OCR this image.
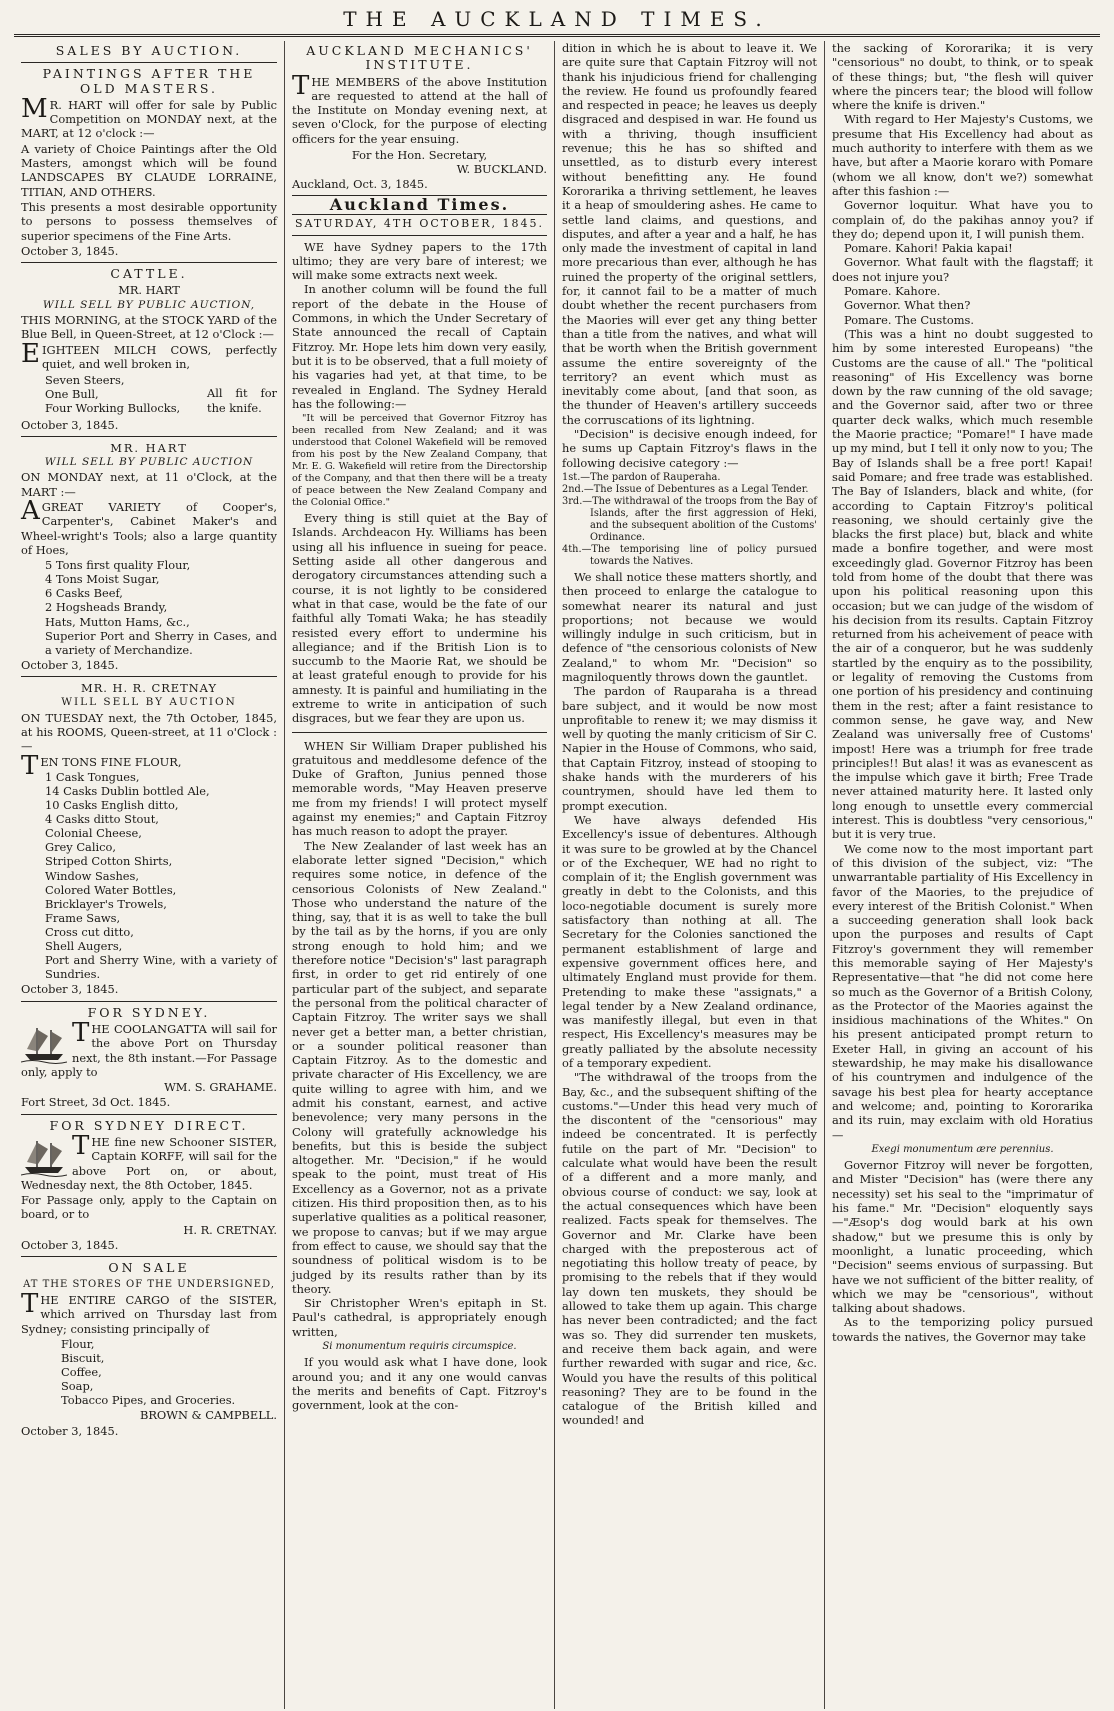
THE AUCKLAND TIMES.
SALES BY AUCTION.
PAINTINGS AFTER THE OLD MASTERS.

MR. HART will offer for sale by Public Competition on MONDAY next, at the MART, at 12 o'clock :—

A variety of Choice Paintings after the Old Masters, amongst which will be found LANDSCAPES BY CLAUDE LORRAINE, TITIAN, AND OTHERS.

This presents a most desirable opportunity to persons to possess themselves of superior specimens of the Fine Arts.

October 3, 1845.

CATTLE.
MR. HART
WILL SELL BY PUBLIC AUCTION,

THIS MORNING, at the STOCK YARD of the Blue Bell, in Queen-Street, at 12 o'Clock :—

EIGHTEEN MILCH COWS, perfectly quiet, and well broken in,

Seven Steers,
One Bull,
Four Working Bullocks,
All fit for the knife.

October 3, 1845.

MR. HART
WILL SELL BY PUBLIC AUCTION

ON MONDAY next, at 11 o'Clock, at the MART :—

AGREAT VARIETY of Cooper's, Carpenter's, Cabinet Maker's and Wheel-wright's Tools; also a large quantity of Hoes,

5 Tons first quality Flour,
4 Tons Moist Sugar,
6 Casks Beef,
2 Hogsheads Brandy,
Hats, Mutton Hams, &c.,
Superior Port and Sherry in Cases, and a variety of Merchandize.

October 3, 1845.

MR. H. R. CRETNAY
WILL SELL BY AUCTION

ON TUESDAY next, the 7th October, 1845, at his ROOMS, Queen-street, at 11 o'Clock :—

TEN TONS FINE FLOUR,

1 Cask Tongues,
14 Casks Dublin bottled Ale,
10 Casks English ditto,
4 Casks ditto Stout,
Colonial Cheese,
Grey Calico,
Striped Cotton Shirts,
Window Sashes,
Colored Water Bottles,
Bricklayer's Trowels,
Frame Saws,
Cross cut ditto,
Shell Augers,
Port and Sherry Wine, with a variety of Sundries.

October 3, 1845.

FOR SYDNEY.

THE COOLANGATTA will sail for the above Port on Thursday next, the 8th instant.—For Passage only, apply to

WM. S. GRAHAME.

Fort Street, 3d Oct. 1845.

FOR SYDNEY DIRECT.

THE fine new Schooner SISTER, Captain KORFF, will sail for the above Port on, or about, Wednesday next, the 8th October, 1845.

For Passage only, apply to the Captain on board, or to

H. R. CRETNAY.

October 3, 1845.

ON SALE
AT THE STORES OF THE UNDERSIGNED,

THE ENTIRE CARGO of the SISTER, which arrived on Thursday last from Sydney; consisting principally of

Flour,
Biscuit,
Coffee,
Soap,
Tobacco Pipes, and Groceries.

BROWN & CAMPBELL.

October 3, 1845.

AUCKLAND MECHANICS' INSTITUTE.

THE MEMBERS of the above Institution are requested to attend at the hall of the Institute on Monday evening next, at seven o'Clock, for the purpose of electing officers for the year ensuing.

For the Hon. Secretary,
W. BUCKLAND.
Auckland, Oct. 3, 1845.
Auckland Times.
SATURDAY, 4TH OCTOBER, 1845.

WE have Sydney papers to the 17th ultimo; they are very bare of interest; we will make some extracts next week.

In another column will be found the full report of the debate in the House of Commons, in which the Under Secretary of State announced the recall of Captain Fitzroy. Mr. Hope lets him down very easily, but it is to be observed, that a full moiety of his vagaries had yet, at that time, to be revealed in England. The Sydney Herald has the following:—

"It will be perceived that Governor Fitzroy has been recalled from New Zealand; and it was understood that Colonel Wakefield will be removed from his post by the New Zealand Company, that Mr. E. G. Wakefield will retire from the Directorship of the Company, and that then there will be a treaty of peace between the New Zealand Company and the Colonial Office."

Every thing is still quiet at the Bay of Islands. Archdeacon Hy. Williams has been using all his influence in sueing for peace. Setting aside all other dangerous and derogatory circumstances attending such a course, it is not lightly to be considered what in that case, would be the fate of our faithful ally Tomati Waka; he has steadily resisted every effort to undermine his allegiance; and if the British Lion is to succumb to the Maorie Rat, we should be at least grateful enough to provide for his amnesty. It is painful and humiliating in the extreme to write in anticipation of such disgraces, but we fear they are upon us.

WHEN Sir William Draper published his gratuitous and meddlesome defence of the Duke of Grafton, Junius penned those memorable words, "May Heaven preserve me from my friends! I will protect myself against my enemies;" and Captain Fitzroy has much reason to adopt the prayer.

The New Zealander of last week has an elaborate letter signed "Decision," which requires some notice, in defence of the censorious Colonists of New Zealand." Those who understand the nature of the thing, say, that it is as well to take the bull by the tail as by the horns, if you are only strong enough to hold him; and we therefore notice "Decision's" last paragraph first, in order to get rid entirely of one particular part of the subject, and separate the personal from the political character of Captain Fitzroy. The writer says we shall never get a better man, a better christian, or a sounder political reasoner than Captain Fitzroy. As to the domestic and private character of His Excellency, we are quite willing to agree with him, and we admit his constant, earnest, and active benevolence; very many persons in the Colony will gratefully acknowledge his benefits, but this is beside the subject altogether. Mr. "Decision," if he would speak to the point, must treat of His Excellency as a Governor, not as a private citizen. His third proposition then, as to his superlative qualities as a political reasoner, we propose to canvas; but if we may argue from effect to cause, we should say that the soundness of political wisdom is to be judged by its results rather than by its theory.

Sir Christopher Wren's epitaph in St. Paul's cathedral, is appropriately enough written,

Si monumentum requiris circumspice.

If you would ask what I have done, look around you; and it any one would canvas the merits and benefits of Capt. Fitzroy's government, look at the con-

dition in which he is about to leave it. We are quite sure that Captain Fitzroy will not thank his injudicious friend for challenging the review. He found us profoundly feared and respected in peace; he leaves us deeply disgraced and despised in war. He found us with a thriving, though insufficient revenue; this he has so shifted and unsettled, as to disturb every interest without benefitting any. He found Kororarika a thriving settlement, he leaves it a heap of smouldering ashes. He came to settle land claims, and questions, and disputes, and after a year and a half, he has only made the investment of capital in land more precarious than ever, although he has ruined the property of the original settlers, for, it cannot fail to be a matter of much doubt whether the recent purchasers from the Maories will ever get any thing better than a title from the natives, and what will that be worth when the British government assume the entire sovereignty of the territory? an event which must as inevitably come about, [and that soon, as the thunder of Heaven's artillery succeeds the corruscations of its lightning.

"Decision" is decisive enough indeed, for he sums up Captain Fitzroy's flaws in the following decisive category :—

1st.—The pardon of Rauperaha.
2nd.—The Issue of Debentures as a Legal Tender.
3rd.—The withdrawal of the troops from the Bay of Islands, after the first aggression of Heki, and the subsequent abolition of the Customs' Ordinance.
4th.—The temporising line of policy pursued towards the Natives.

We shall notice these matters shortly, and then proceed to enlarge the catalogue to somewhat nearer its natural and just proportions; not because we would willingly indulge in such criticism, but in defence of "the censorious colonists of New Zealand," to whom Mr. "Decision" so magniloquently throws down the gauntlet.

The pardon of Rauparaha is a thread bare subject, and it would be now most unprofitable to renew it; we may dismiss it well by quoting the manly criticism of Sir C. Napier in the House of Commons, who said, that Captain Fitzroy, instead of stooping to shake hands with the murderers of his countrymen, should have led them to prompt execution.

We have always defended His Excellency's issue of debentures. Although it was sure to be growled at by the Chancel or of the Exchequer, WE had no right to complain of it; the English government was greatly in debt to the Colonists, and this loco-negotiable document is surely more satisfactory than nothing at all. The Secretary for the Colonies sanctioned the permanent establishment of large and expensive government offices here, and ultimately England must provide for them. Pretending to make these "assignats," a legal tender by a New Zealand ordinance, was manifestly illegal, but even in that respect, His Excellency's measures may be greatly palliated by the absolute necessity of a temporary expedient.

"The withdrawal of the troops from the Bay, &c., and the subsequent shifting of the customs."—Under this head very much of the discontent of the "censorious" may indeed be concentrated. It is perfectly futile on the part of Mr. "Decision" to calculate what would have been the result of a different and a more manly, and obvious course of conduct: we say, look at the actual consequences which have been realized. Facts speak for themselves. The Governor and Mr. Clarke have been charged with the preposterous act of negotiating this hollow treaty of peace, by promising to the rebels that if they would lay down ten muskets, they should be allowed to take them up again. This charge has never been contradicted; and the fact was so. They did surrender ten muskets, and receive them back again, and were further rewarded with sugar and rice, &c. Would you have the results of this political reasoning? They are to be found in the catalogue of the British killed and wounded! and

the sacking of Kororarika; it is very "censorious" no doubt, to think, or to speak of these things; but, "the flesh will quiver where the pincers tear; the blood will follow where the knife is driven."

With regard to Her Majesty's Customs, we presume that His Excellency had about as much authority to interfere with them as we have, but after a Maorie koraro with Pomare (whom we all know, don't we?) somewhat after this fashion :—

Governor loquitur. What have you to complain of, do the pakihas annoy you? if they do; depend upon it, I will punish them.

Pomare. Kahori! Pakia kapai!

Governor. What fault with the flagstaff; it does not injure you?

Pomare. Kahore.

Governor. What then?

Pomare. The Customs.

(This was a hint no doubt suggested to him by some interested Europeans) "the Customs are the cause of all." The "political reasoning" of His Excellency was borne down by the raw cunning of the old savage; and the Governor said, after two or three quarter deck walks, which much resemble the Maorie practice; "Pomare!" I have made up my mind, but I tell it only now to you; The Bay of Islands shall be a free port! Kapai! said Pomare; and free trade was established. The Bay of Islanders, black and white, (for according to Captain Fitzroy's political reasoning, we should certainly give the blacks the first place) but, black and white made a bonfire together, and were most exceedingly glad. Governor Fitzroy has been told from home of the doubt that there was upon his political reasoning upon this occasion; but we can judge of the wisdom of his decision from its results. Captain Fitzroy returned from his acheivement of peace with the air of a conqueror, but he was suddenly startled by the enquiry as to the possibility, or legality of removing the Customs from one portion of his presidency and continuing them in the rest; after a faint resistance to common sense, he gave way, and New Zealand was universally free of Customs' impost! Here was a triumph for free trade principles!! But alas! it was as evanescent as the impulse which gave it birth; Free Trade never attained maturity here. It lasted only long enough to unsettle every commercial interest. This is doubtless "very censorious," but it is very true.

We come now to the most important part of this division of the subject, viz: "The unwarrantable partiality of His Excellency in favor of the Maories, to the prejudice of every interest of the British Colonist." When a succeeding generation shall look back upon the purposes and results of Capt Fitzroy's government they will remember this memorable saying of Her Majesty's Representative—that "he did not come here so much as the Governor of a British Colony, as the Protector of the Maories against the insidious machinations of the Whites." On his present anticipated prompt return to Exeter Hall, in giving an account of his stewardship, he may make his disallowance of his countrymen and indulgence of the savage his best plea for hearty acceptance and welcome; and, pointing to Kororarika and its ruin, may exclaim with old Horatius—

Exegi monumentum ære perennius.

Governor Fitzroy will never be forgotten, and Mister "Decision" has (were there any necessity) set his seal to the "imprimatur of his fame." Mr. "Decision" eloquently says—"Æsop's dog would bark at his own shadow," but we presume this is only by moonlight, a lunatic proceeding, which "Decision" seems envious of surpassing. But have we not sufficient of the bitter reality, of which we may be "censorious", without talking about shadows.

As to the temporizing policy pursued towards the natives, the Governor may take
